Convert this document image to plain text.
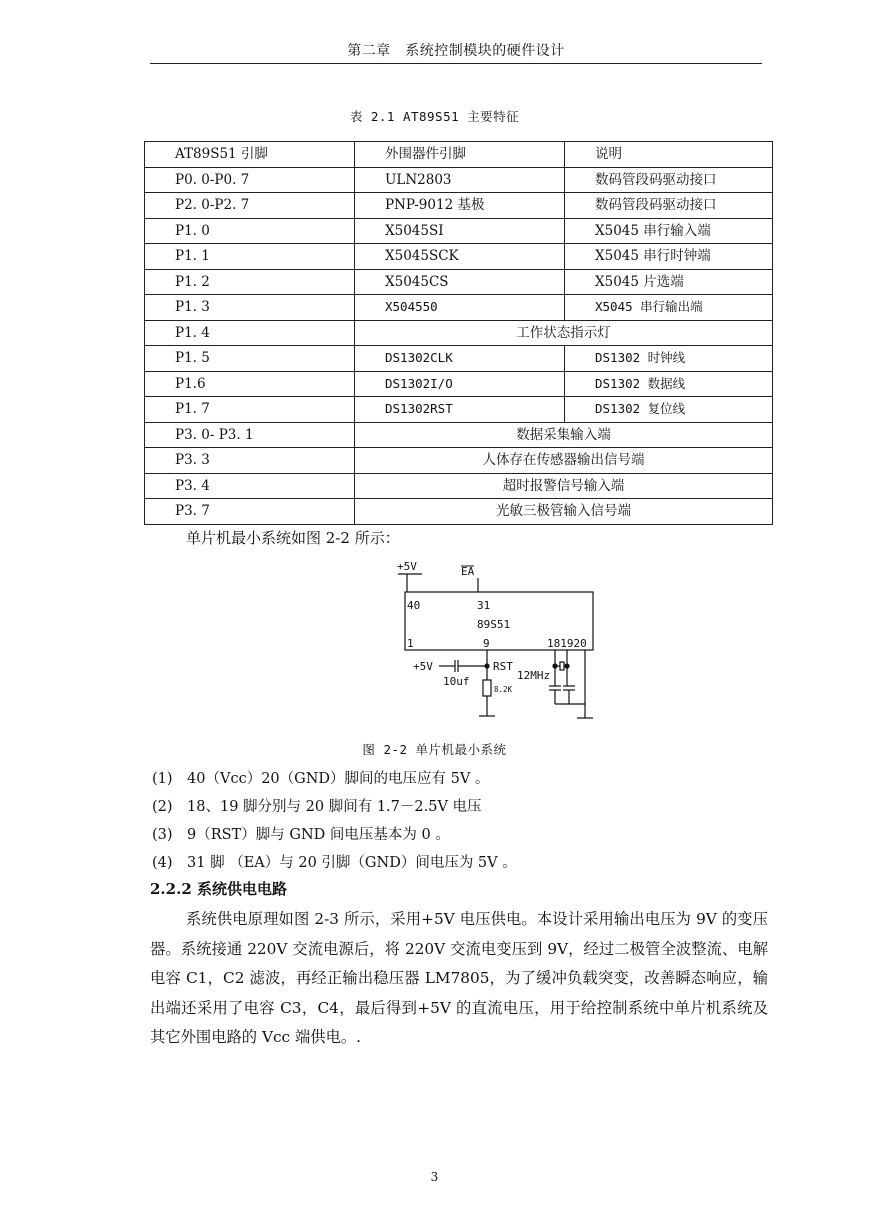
第二章　系统控制模块的硬件设计
表 2.1 AT89S51 主要特征
AT89S51 引脚	外围器件引脚	说明
P0. 0-P0. 7	ULN2803	数码管段码驱动接口
P2. 0-P2. 7	PNP-9012 基极	数码管段码驱动接口
P1. 0	X5045SI	X5045 串行输入端
P1. 1	X5045SCK	X5045 串行时钟端
P1. 2	X5045CS	X5045 片选端
P1. 3	X504550	X5045 串行输出端
P1. 4	工作状态指示灯	
P1. 5	DS1302CLK	DS1302 时钟线
P1.6	DS1302I/O	DS1302 数据线
P1. 7	DS1302RST	DS1302 复位线
P3. 0- P3. 1	数据采集输入端	
P3. 3	人体存在传感器输出信号端	
P3. 4	超时报警信号输入端	
P3. 7	光敏三极管输入信号端	
单片机最小系统如图 2-2 所示：
+5V	EA
40	31
89S51
1	9	181920
+5V	RST
10uf	12MHz
8.2K
图 2-2 单片机最小系统
(1)　40（Vcc）20（GND）脚间的电压应有 5V 。
(2)　18、19 脚分别与 20 脚间有 1.7－2.5V 电压
(3)　9（RST）脚与 GND 间电压基本为 0 。
(4)　31 脚 （EA）与 20 引脚（GND）间电压为 5V 。
2.2.2 系统供电电路
系统供电原理如图 2-3 所示，采用+5V 电压供电。本设计采用输出电压为 9V 的变压器。系统接通 220V 交流电源后，将 220V 交流电变压到 9V，经过二极管全波整流、电解电容 C1，C2 滤波，再经正输出稳压器 LM7805，为了缓冲负载突变，改善瞬态响应，输出端还采用了电容 C3，C4，最后得到+5V 的直流电压，用于给控制系统中单片机系统及其它外围电路的 Vcc 端供电。.
3
